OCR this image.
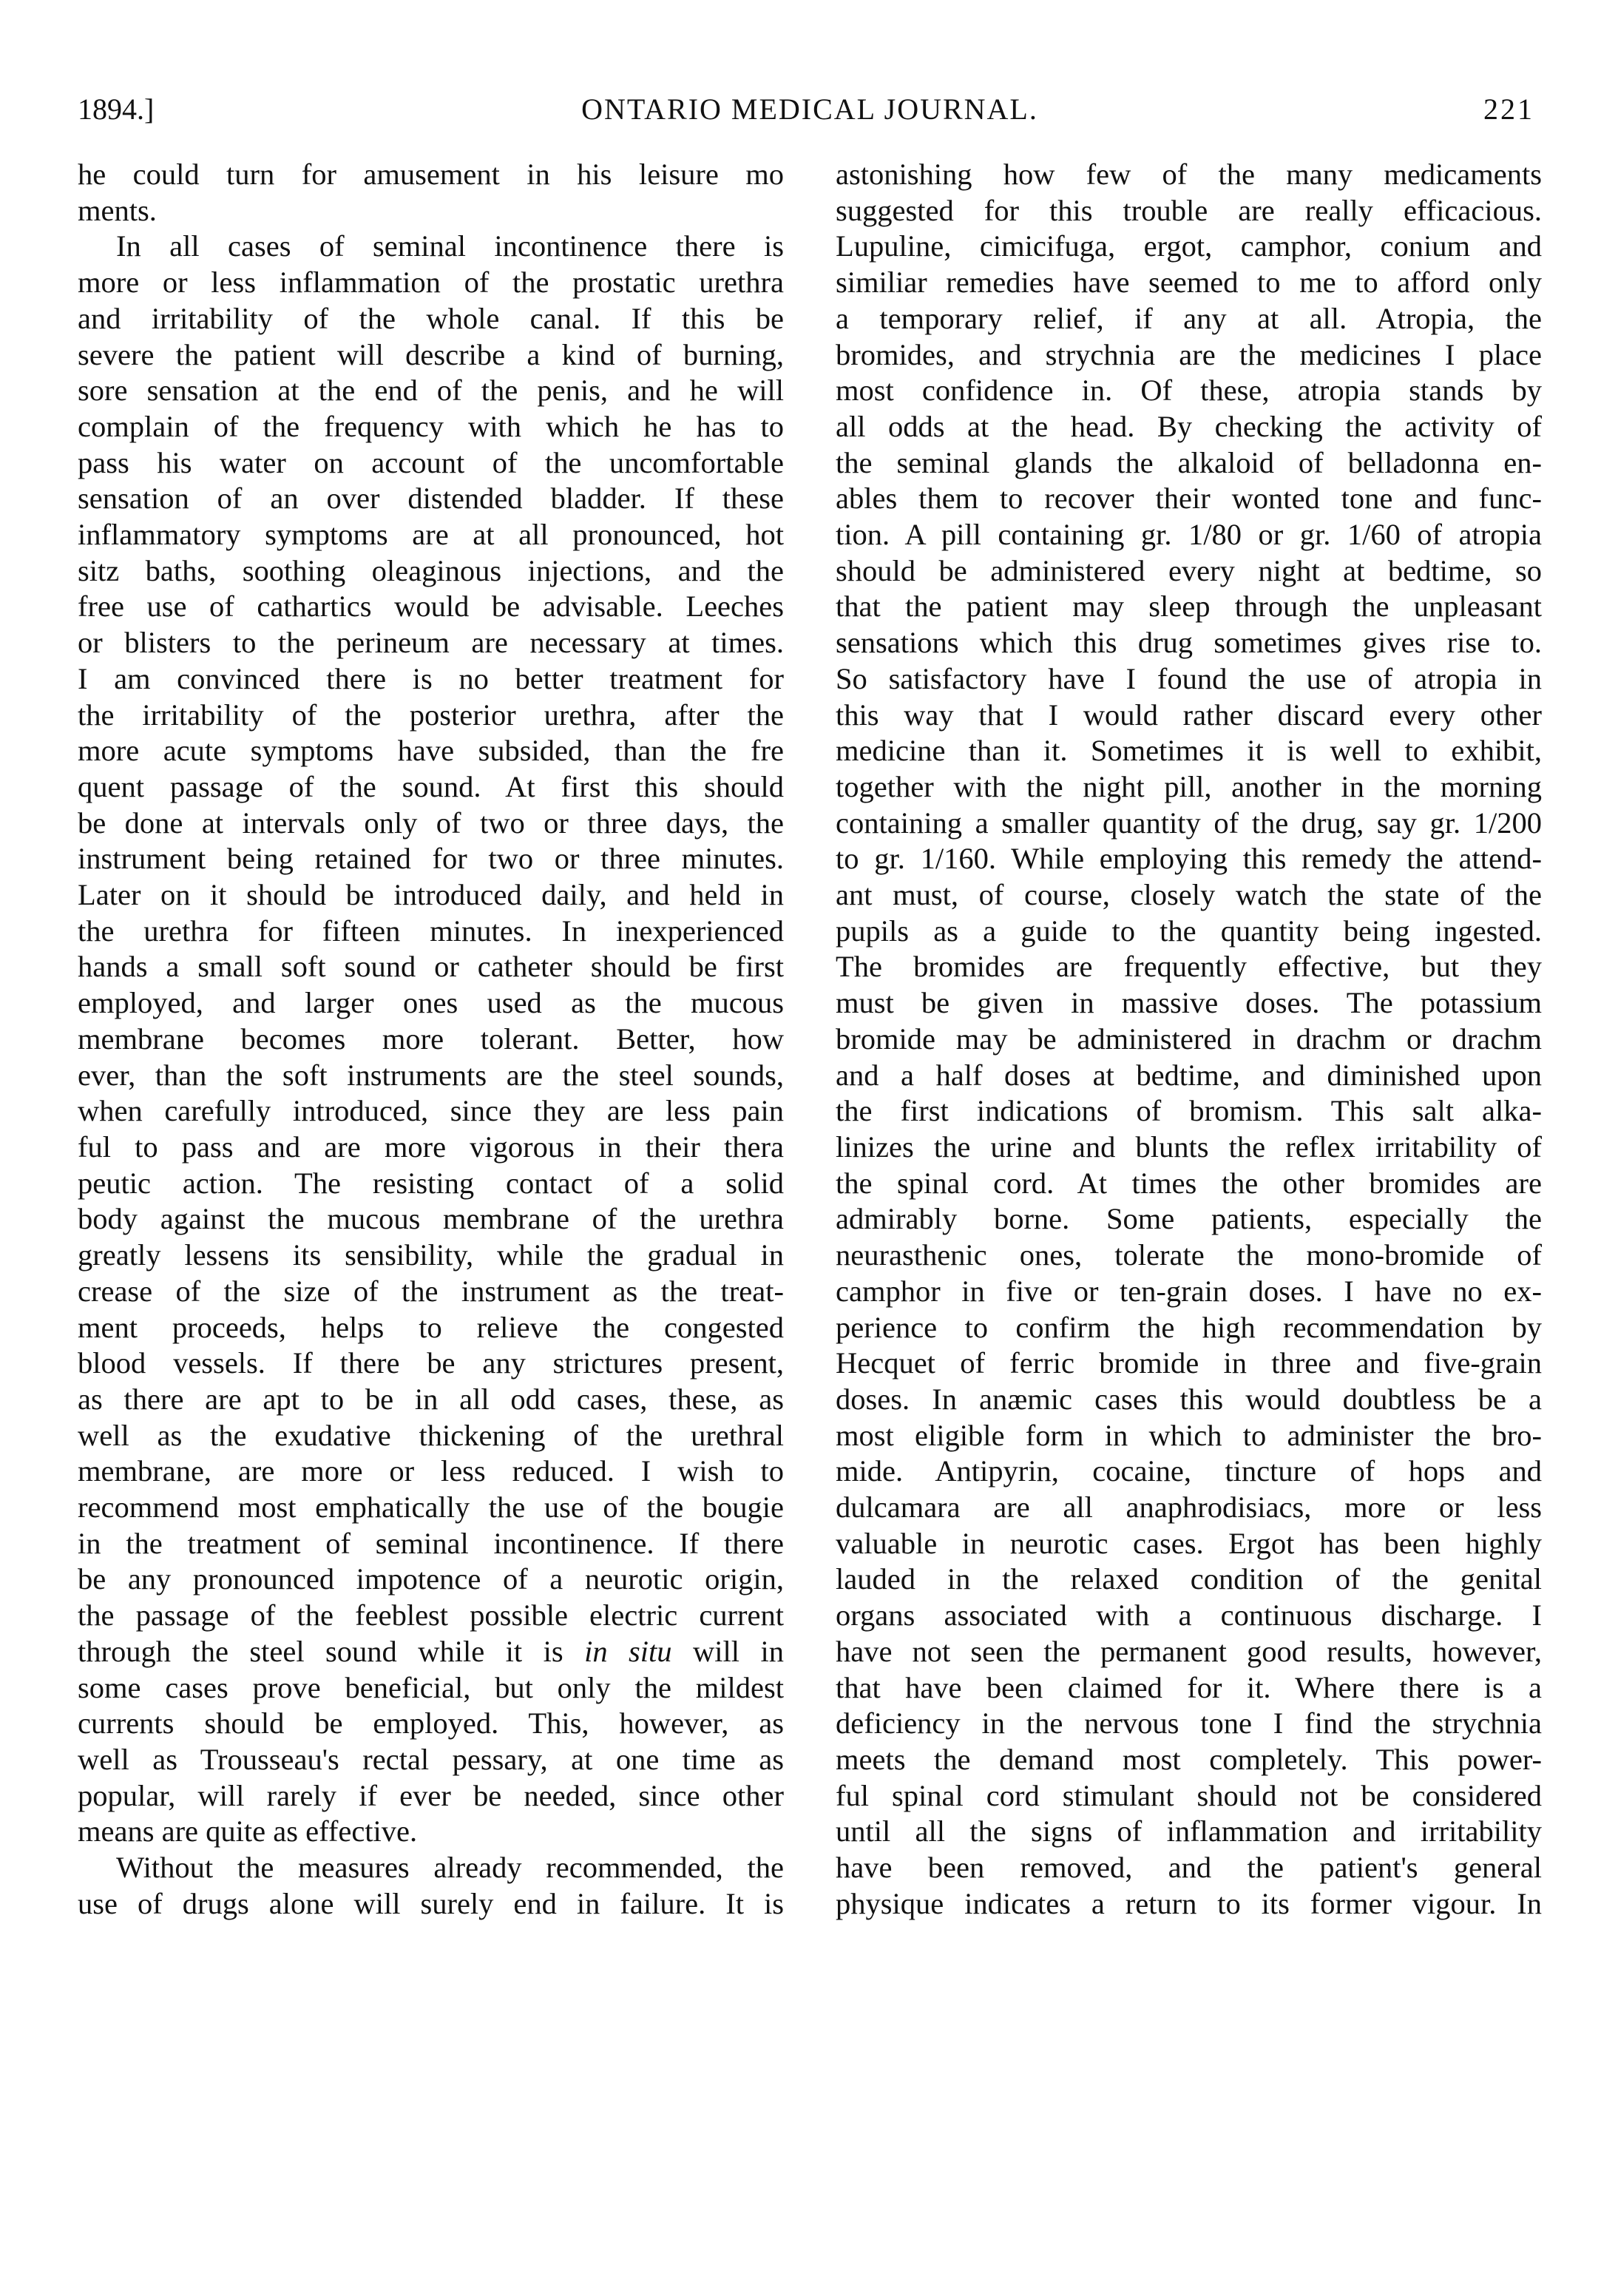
1894.]	ONTARIO MEDICAL JOURNAL.	221
he could turn for amusement in his leisure mo
ments.
In all cases of seminal incontinence there is
more or less inflammation of the prostatic urethra
and irritability of the whole canal. If this be
severe the patient will describe a kind of burning,
sore sensation at the end of the penis, and he will
complain of the frequency with which he has to
pass his water on account of the uncomfortable
sensation of an over distended bladder. If these
inflammatory symptoms are at all pronounced, hot
sitz baths, soothing oleaginous injections, and the
free use of cathartics would be advisable. Leeches
or blisters to the perineum are necessary at times.
I am convinced there is no better treatment for
the irritability of the posterior urethra, after the
more acute symptoms have subsided, than the fre
quent passage of the sound. At first this should
be done at intervals only of two or three days, the
instrument being retained for two or three minutes.
Later on it should be introduced daily, and held in
the urethra for fifteen minutes. In inexperienced
hands a small soft sound or catheter should be first
employed, and larger ones used as the mucous
membrane becomes more tolerant. Better, how
ever, than the soft instruments are the steel sounds,
when carefully introduced, since they are less pain
ful to pass and are more vigorous in their thera
peutic action. The resisting contact of a solid
body against the mucous membrane of the urethra
greatly lessens its sensibility, while the gradual in
crease of the size of the instrument as the treat-
ment proceeds, helps to relieve the congested
blood vessels. If there be any strictures present,
as there are apt to be in all odd cases, these, as
well as the exudative thickening of the urethral
membrane, are more or less reduced. I wish to
recommend most emphatically the use of the bougie
in the treatment of seminal incontinence. If there
be any pronounced impotence of a neurotic origin,
the passage of the feeblest possible electric current
through the steel sound while it is in situ will in
some cases prove beneficial, but only the mildest
currents should be employed. This, however, as
well as Trousseau's rectal pessary, at one time as
popular, will rarely if ever be needed, since other
means are quite as effective.
Without the measures already recommended, the
use of drugs alone will surely end in failure. It is
astonishing how few of the many medicaments
suggested for this trouble are really efficacious.
Lupuline, cimicifuga, ergot, camphor, conium and
similiar remedies have seemed to me to afford only
a temporary relief, if any at all. Atropia, the
bromides, and strychnia are the medicines I place
most confidence in. Of these, atropia stands by
all odds at the head. By checking the activity of
the seminal glands the alkaloid of belladonna en-
ables them to recover their wonted tone and func-
tion. A pill containing gr. 1/80 or gr. 1/60 of atropia
should be administered every night at bedtime, so
that the patient may sleep through the unpleasant
sensations which this drug sometimes gives rise to.
So satisfactory have I found the use of atropia in
this way that I would rather discard every other
medicine than it. Sometimes it is well to exhibit,
together with the night pill, another in the morning
containing a smaller quantity of the drug, say gr. 1/200
to gr. 1/160. While employing this remedy the attend-
ant must, of course, closely watch the state of the
pupils as a guide to the quantity being ingested.
The bromides are frequently effective, but they
must be given in massive doses. The potassium
bromide may be administered in drachm or drachm
and a half doses at bedtime, and diminished upon
the first indications of bromism. This salt alka-
linizes the urine and blunts the reflex irritability of
the spinal cord. At times the other bromides are
admirably borne. Some patients, especially the
neurasthenic ones, tolerate the mono-bromide of
camphor in five or ten-grain doses. I have no ex-
perience to confirm the high recommendation by
Hecquet of ferric bromide in three and five-grain
doses. In anæmic cases this would doubtless be a
most eligible form in which to administer the bro-
mide. Antipyrin, cocaine, tincture of hops and
dulcamara are all anaphrodisiacs, more or less
valuable in neurotic cases. Ergot has been highly
lauded in the relaxed condition of the genital
organs associated with a continuous discharge. I
have not seen the permanent good results, however,
that have been claimed for it. Where there is a
deficiency in the nervous tone I find the strychnia
meets the demand most completely. This power-
ful spinal cord stimulant should not be considered
until all the signs of inflammation and irritability
have been removed, and the patient's general
physique indicates a return to its former vigour. In
